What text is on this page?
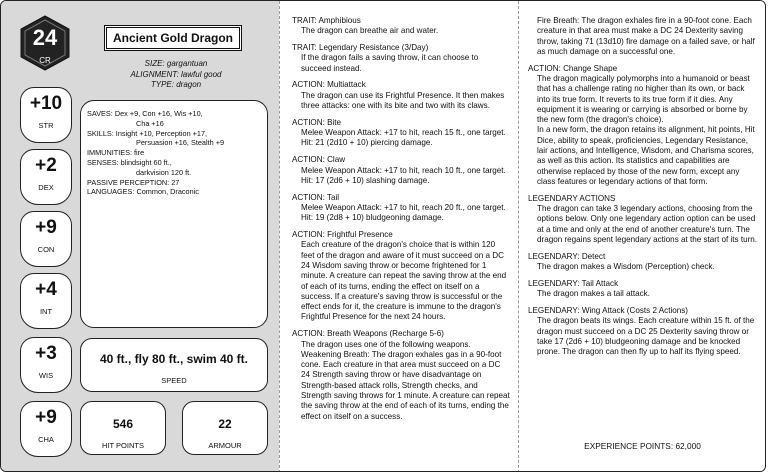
24
CR
Ancient Gold Dragon
SIZE: gargantuan
ALIGNMENT: lawful good
TYPE: dragon
+10
STR
+2
DEX
+9
CON
+4
INT
+3
WIS
+9
CHA
SAVES: Dex +9, Con +16, Wis +10,
Cha +16
SKILLS: Insight +10, Perception +17,
Persuasion +16, Stealth +9
IMMUNITIES: fire
SENSES: blindsight 60 ft.,
darkvision 120 ft.
PASSIVE PERCEPTION: 27
LANGUAGES: Common, Draconic
40 ft., fly 80 ft., swim 40 ft.
SPEED
546
HIT POINTS
22
ARMOUR
TRAIT: Amphibious
The dragon can breathe air and water.
TRAIT: Legendary Resistance (3/Day)
If the dragon fails a saving throw, it can choose to succeed instead.
ACTION: Multiattack
The dragon can use its Frightful Presence. It then makes three attacks: one with its bite and two with its claws.
ACTION: Bite
Melee Weapon Attack: +17 to hit, reach 15 ft., one target. Hit: 21 (2d10 + 10) piercing damage.
ACTION: Claw
Melee Weapon Attack: +17 to hit, reach 10 ft., one target. Hit: 17 (2d6 + 10) slashing damage.
ACTION: Tail
Melee Weapon Attack: +17 to hit, reach 20 ft., one target. Hit: 19 (2d8 + 10) bludgeoning damage.
ACTION: Frightful Presence
Each creature of the dragon's choice that is within 120 feet of the dragon and aware of it must succeed on a DC 24 Wisdom saving throw or become frightened for 1 minute. A creature can repeat the saving throw at the end of each of its turns, ending the effect on itself on a success. If a creature's saving throw is successful or the effect ends for it, the creature is immune to the dragon's Frightful Presence for the next 24 hours.
ACTION: Breath Weapons (Recharge 5-6)
The dragon uses one of the following weapons.
Weakening Breath: The dragon exhales gas in a 90-foot cone. Each creature in that area must succeed on a DC 24 Strength saving throw or have disadvantage on Strength-based attack rolls, Strength checks, and Strength saving throws for 1 minute. A creature can repeat the saving throw at the end of each of its turns, ending the effect on itself on a success.
Fire Breath: The dragon exhales fire in a 90-foot cone. Each creature in that area must make a DC 24 Dexterity saving throw, taking 71 (13d10) fire damage on a failed save, or half as much damage on a successful one.
ACTION: Change Shape
The dragon magically polymorphs into a humanoid or beast that has a challenge rating no higher than its own, or back into its true form. It reverts to its true form if it dies. Any equipment it is wearing or carrying is absorbed or borne by the new form (the dragon's choice).
In a new form, the dragon retains its alignment, hit points, Hit Dice, ability to speak, proficiencies, Legendary Resistance, lair actions, and Intelligence, Wisdom, and Charisma scores, as well as this action. Its statistics and capabilities are otherwise replaced by those of the new form, except any class features or legendary actions of that form.
LEGENDARY ACTIONS
The dragon can take 3 legendary actions, choosing from the options below. Only one legendary action option can be used at a time and only at the end of another creature's turn. The dragon regains spent legendary actions at the start of its turn.
LEGENDARY: Detect
The dragon makes a Wisdom (Perception) check.
LEGENDARY: Tail Attack
The dragon makes a tail attack.
LEGENDARY: Wing Attack (Costs 2 Actions)
The dragon beats its wings. Each creature within 15 ft. of the dragon must succeed on a DC 25 Dexterity saving throw or take 17 (2d6 + 10) bludgeoning damage and be knocked prone. The dragon can then fly up to half its flying speed.
EXPERIENCE POINTS: 62,000
